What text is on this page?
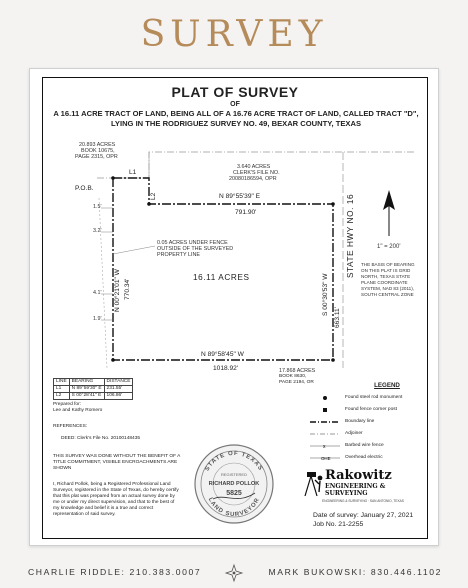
SURVEY
PLAT OF SURVEY
OF
A 16.11 ACRE TRACT OF LAND, BEING ALL OF A 16.76 ACRE TRACT OF LAND, CALLED TRACT "D", LYING IN THE RODRIGUEZ SURVEY NO. 49, BEXAR COUNTY, TEXAS
20.893 ACRES
BOOK 10675,
PAGE 2315, OPR
3.640 ACRES
CLERK'S FILE NO.
20080186594, OPR
P.O.B.
L1
L2	N 89°55'39" E
791.90'
N 00°21'01" W 770.34'	S 00°30'53" W
663.11'
STATE HWY NO. 16
N 89°58'45" W
1018.92'
0.05 ACRES UNDER FENCE
OUTSIDE OF THE SURVEYED
PROPERTY LINE
16.11 ACRES
1.5'
3.2'
4.1'
1.9'
1" = 200'
THE BASIS OF BEARING
ON THIS PLAT IS GRID
NORTH, TEXAS STATE
PLANE COORDINATE
SYSTEM, NAD 83 (2011),
SOUTH CENTRAL ZONE
17.868 ACRES
BOOK 8630,
PAGE 2194, OR
LINE	BEARING	DISTANCE
L1	N 89°59'30" E	231.55'
L2	S 00°28'41" E	106.86'
Prepared for:
Lee and Kathy Romero
REFERENCES:
DEED: Clerk's File No. 20100148435
THIS SURVEY WAS DONE WITHOUT THE BENEFIT OF A TITLE COMMITMENT, VISIBLE ENCROACHMENTS ARE SHOWN
I, Richard Pollok, being a Registered Professional Land Surveyor, registered in the State of Texas, do hereby certify that this plat was prepared from an actual survey done by me or under my direct supervision, and that to the best of my knowledge and belief it is a true and correct representation of said survey.
STATE OF TEXAS
LAND SURVEYOR
REGISTERED
RICHARD POLLOK
5825
LEGEND
Found steel rod monument
Found fence corner post
Boundary line
Adjoiner
x	Barbed wire fence
OHE	Overhead electric
Rakowitz
ENGINEERING & SURVEYING
ENGINEERING & SURVEYING · SAN ANTONIO, TEXAS
Date of survey: January 27, 2021
Job No. 21-2255
CHARLIE RIDDLE: 210.383.0007	MARK BUKOWSKI: 830.446.1102
